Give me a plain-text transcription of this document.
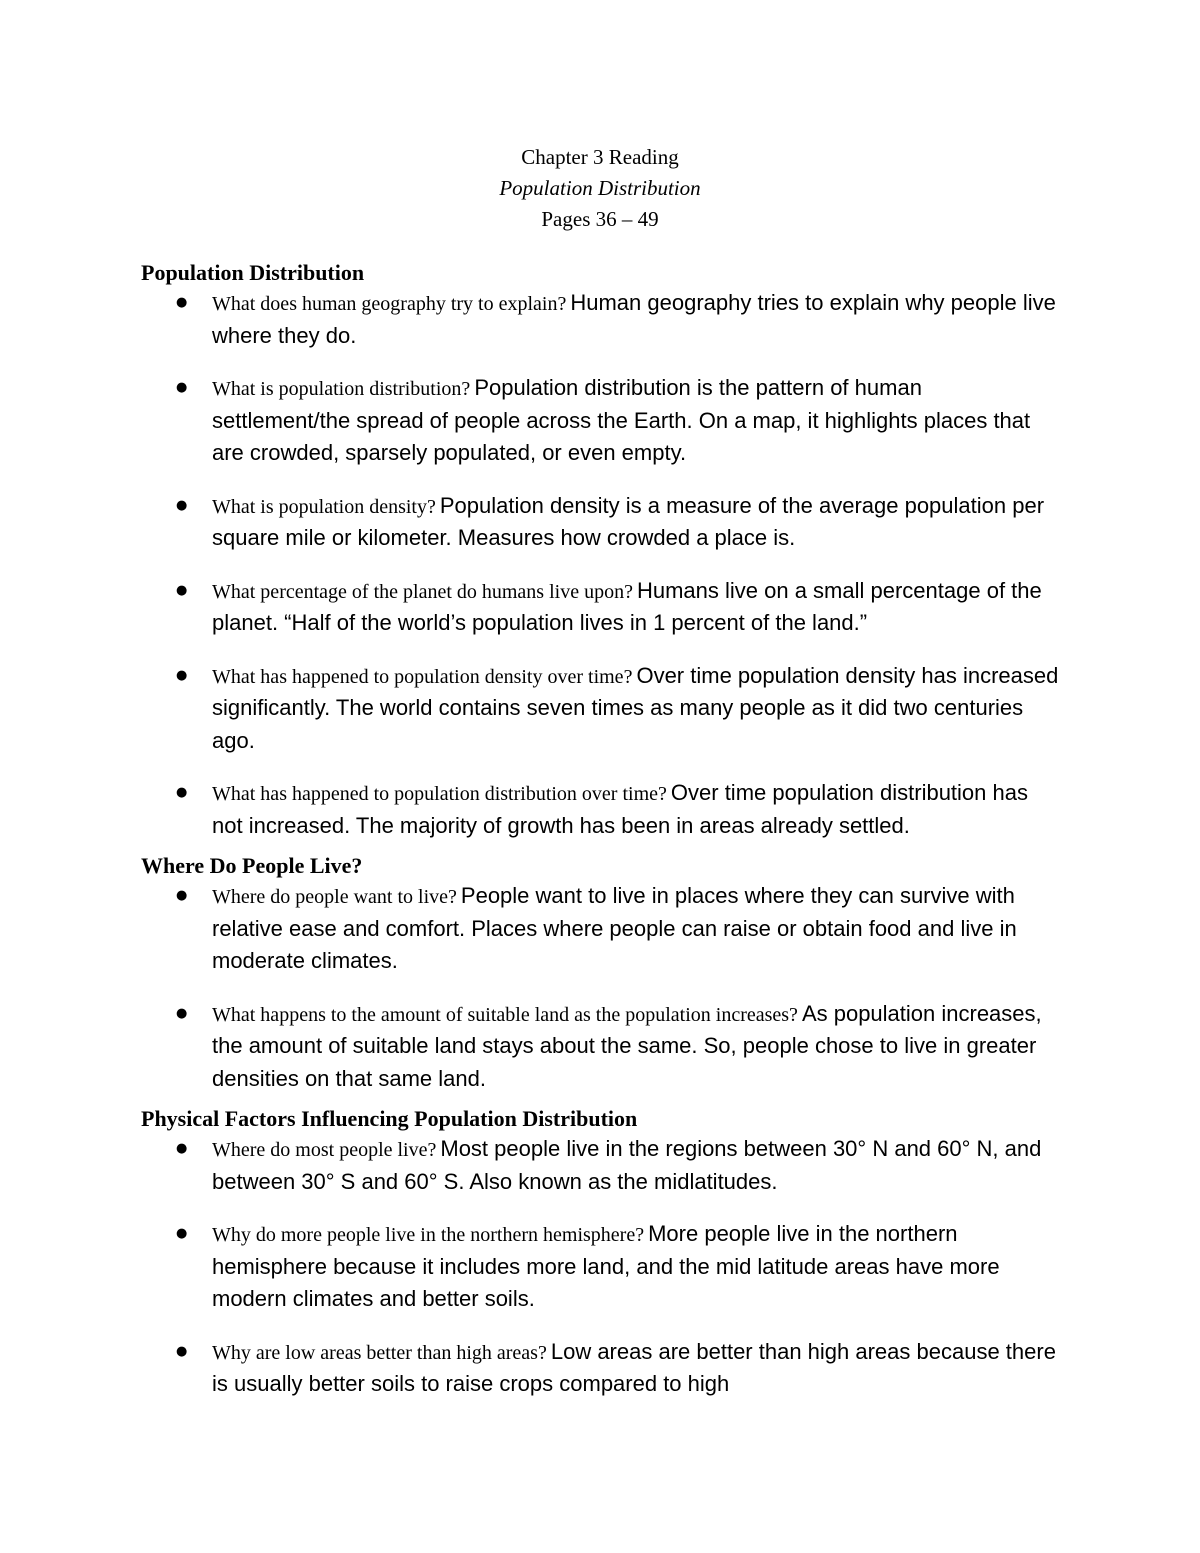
Chapter 3 Reading
Population Distribution
Pages 36 – 49
Population Distribution
● What does human geography try to explain? Human geography tries to explain why people live where they do.
● What is population distribution? Population distribution is the pattern of human settlement/the spread of people across the Earth. On a map, it highlights places that are crowded, sparsely populated, or even empty.
● What is population density? Population density is a measure of the average population per square mile or kilometer. Measures how crowded a place is.
● What percentage of the planet do humans live upon? Humans live on a small percentage of the planet. “Half of the world’s population lives in 1 percent of the land.”
● What has happened to population density over time? Over time population density has increased significantly. The world contains seven times as many people as it did two centuries ago.
● What has happened to population distribution over time? Over time population distribution has not increased. The majority of growth has been in areas already settled.
Where Do People Live?
● Where do people want to live? People want to live in places where they can survive with relative ease and comfort. Places where people can raise or obtain food and live in moderate climates.
● What happens to the amount of suitable land as the population increases? As population increases, the amount of suitable land stays about the same. So, people chose to live in greater densities on that same land.
Physical Factors Influencing Population Distribution
● Where do most people live? Most people live in the regions between 30° N and 60° N, and between 30° S and 60° S. Also known as the midlatitudes.
● Why do more people live in the northern hemisphere? More people live in the northern hemisphere because it includes more land, and the mid latitude areas have more modern climates and better soils.
● Why are low areas better than high areas? Low areas are better than high areas because there is usually better soils to raise crops compared to high
